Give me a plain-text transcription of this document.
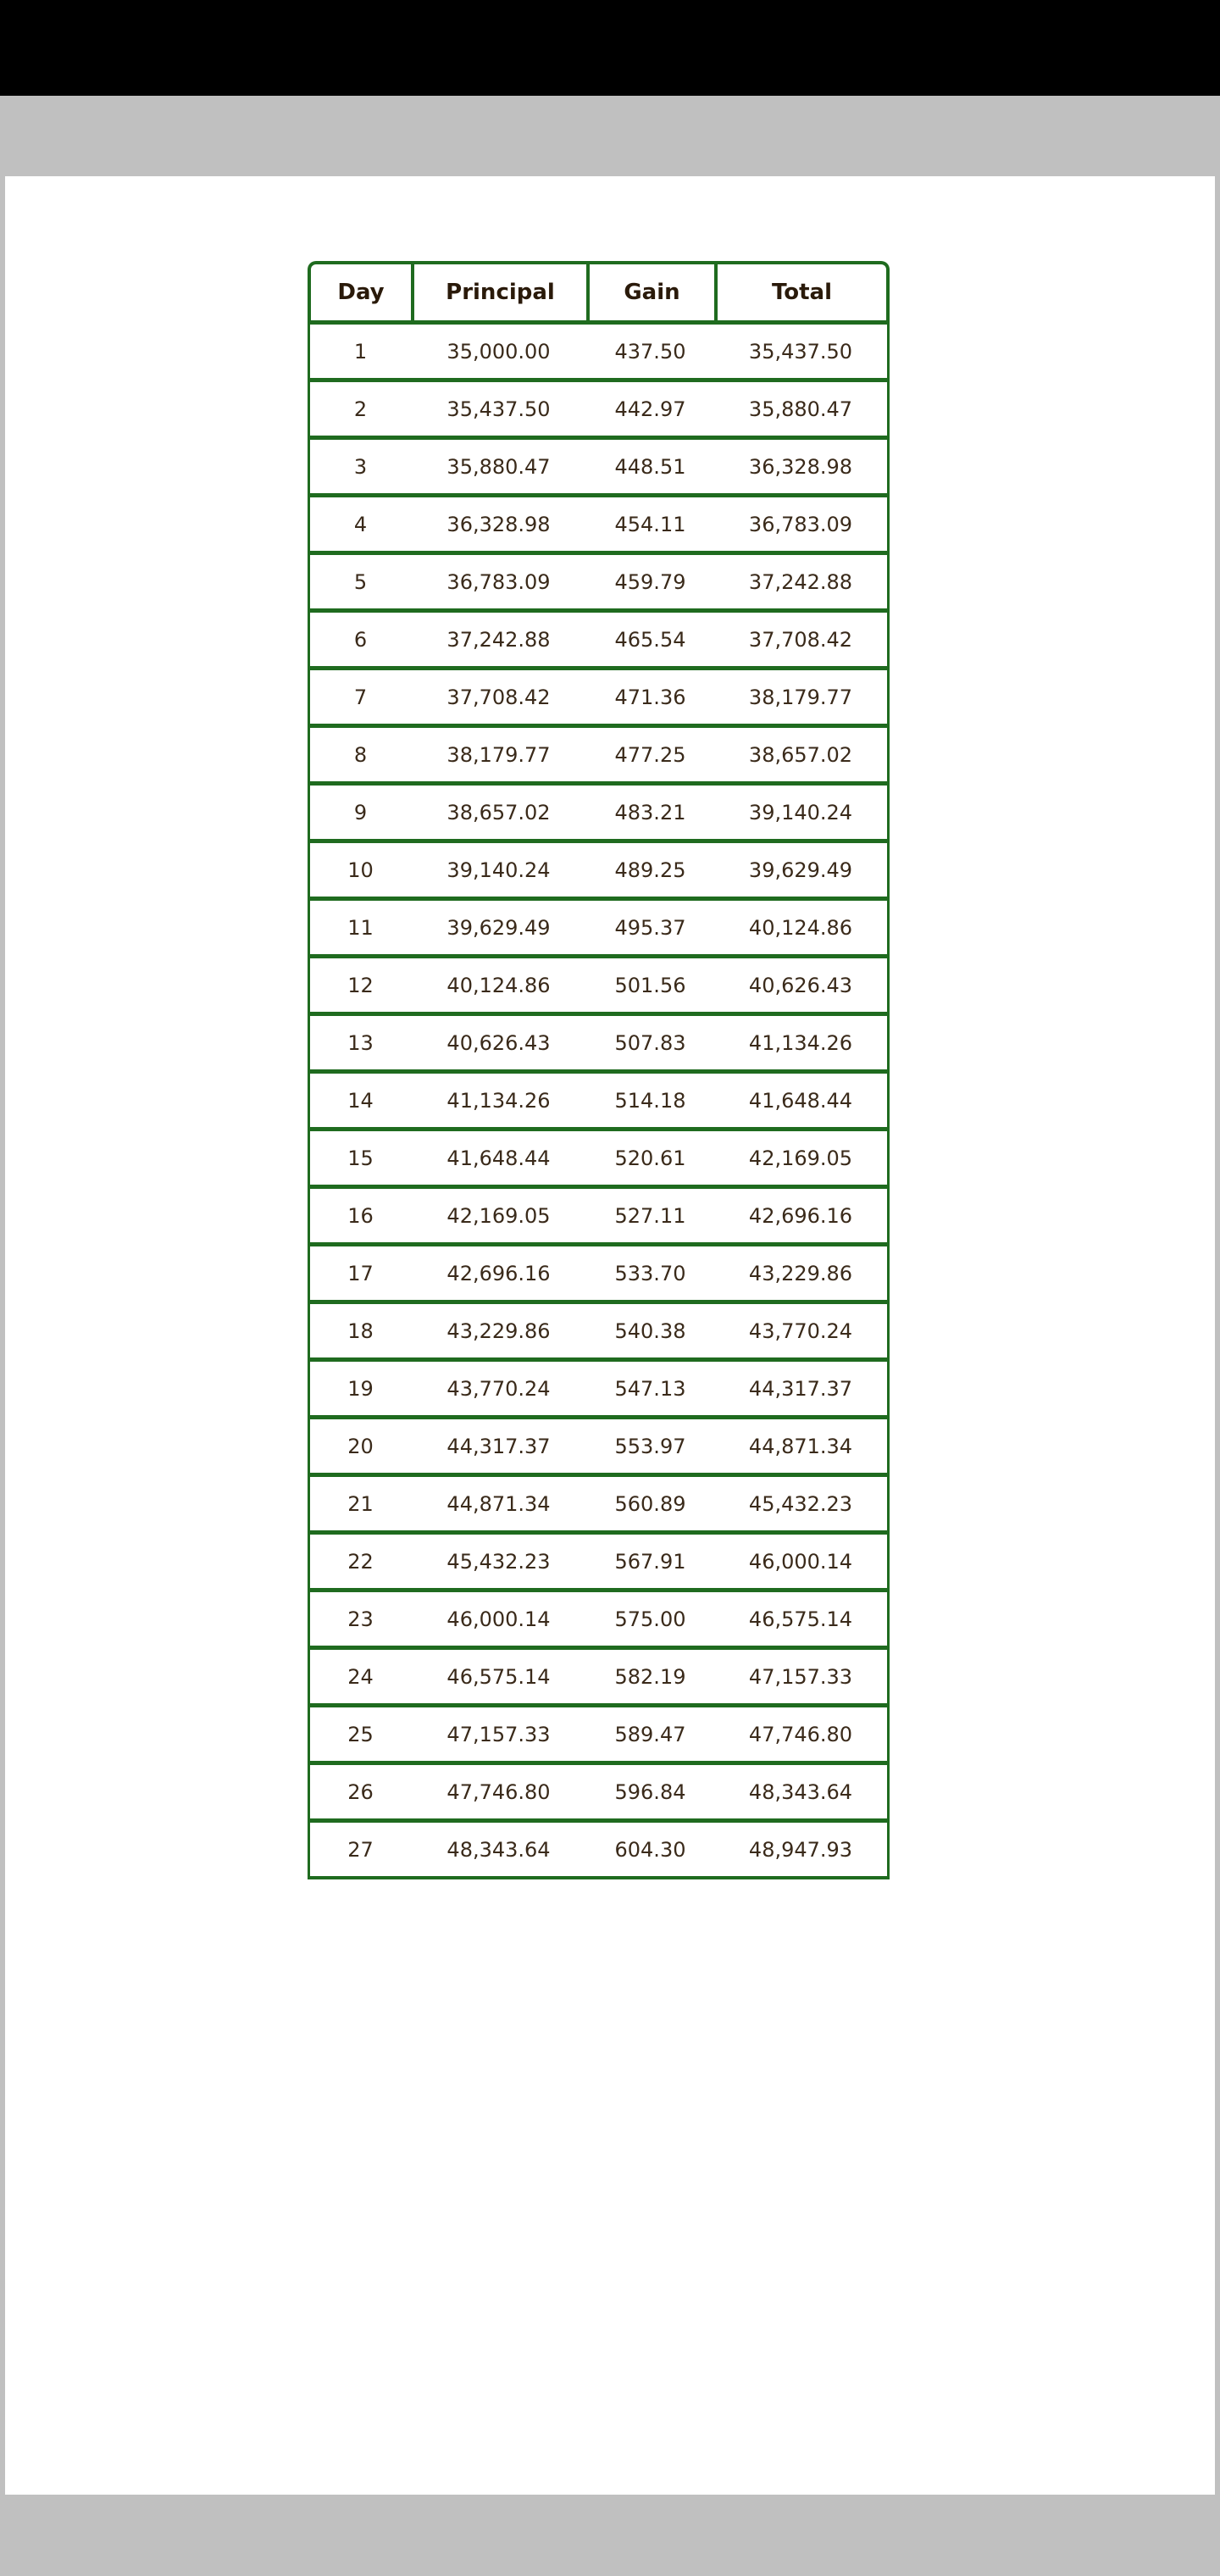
Day	Principal	Gain	Total
1	35,000.00	437.50	35,437.50
2	35,437.50	442.97	35,880.47
3	35,880.47	448.51	36,328.98
4	36,328.98	454.11	36,783.09
5	36,783.09	459.79	37,242.88
6	37,242.88	465.54	37,708.42
7	37,708.42	471.36	38,179.77
8	38,179.77	477.25	38,657.02
9	38,657.02	483.21	39,140.24
10	39,140.24	489.25	39,629.49
11	39,629.49	495.37	40,124.86
12	40,124.86	501.56	40,626.43
13	40,626.43	507.83	41,134.26
14	41,134.26	514.18	41,648.44
15	41,648.44	520.61	42,169.05
16	42,169.05	527.11	42,696.16
17	42,696.16	533.70	43,229.86
18	43,229.86	540.38	43,770.24
19	43,770.24	547.13	44,317.37
20	44,317.37	553.97	44,871.34
21	44,871.34	560.89	45,432.23
22	45,432.23	567.91	46,000.14
23	46,000.14	575.00	46,575.14
24	46,575.14	582.19	47,157.33
25	47,157.33	589.47	47,746.80
26	47,746.80	596.84	48,343.64
27	48,343.64	604.30	48,947.93
